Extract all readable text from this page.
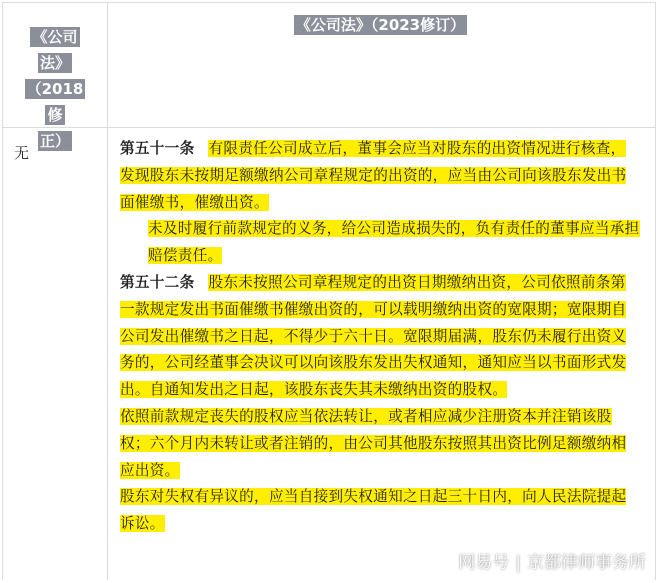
《公司
法》
（2018修
正）
《公司法》（2023修订）
无	第五十一条 有限责任公司成立后，董事会应当对股东的出资情况进行核查，发现股东未按期足额缴纳公司章程规定的出资的，应当由公司向该股东发出书面催缴书，催缴出资。

未及时履行前款规定的义务，给公司造成损失的，负有责任的董事应当承担赔偿责任。

第五十二条 股东未按照公司章程规定的出资日期缴纳出资，公司依照前条第一款规定发出书面催缴书催缴出资的，可以载明缴纳出资的宽限期；宽限期自公司发出催缴书之日起，不得少于六十日。宽限期届满，股东仍未履行出资义务的，公司经董事会决议可以向该股东发出失权通知，通知应当以书面形式发出。自通知发出之日起，该股东丧失其未缴纳出资的股权。

依照前款规定丧失的股权应当依法转让，或者相应减少注册资本并注销该股权；六个月内未转让或者注销的，由公司其他股东按照其出资比例足额缴纳相应出资。

股东对失权有异议的，应当自接到失权通知之日起三十日内，向人民法院提起诉讼。

网易号 | 京都律师事务所
